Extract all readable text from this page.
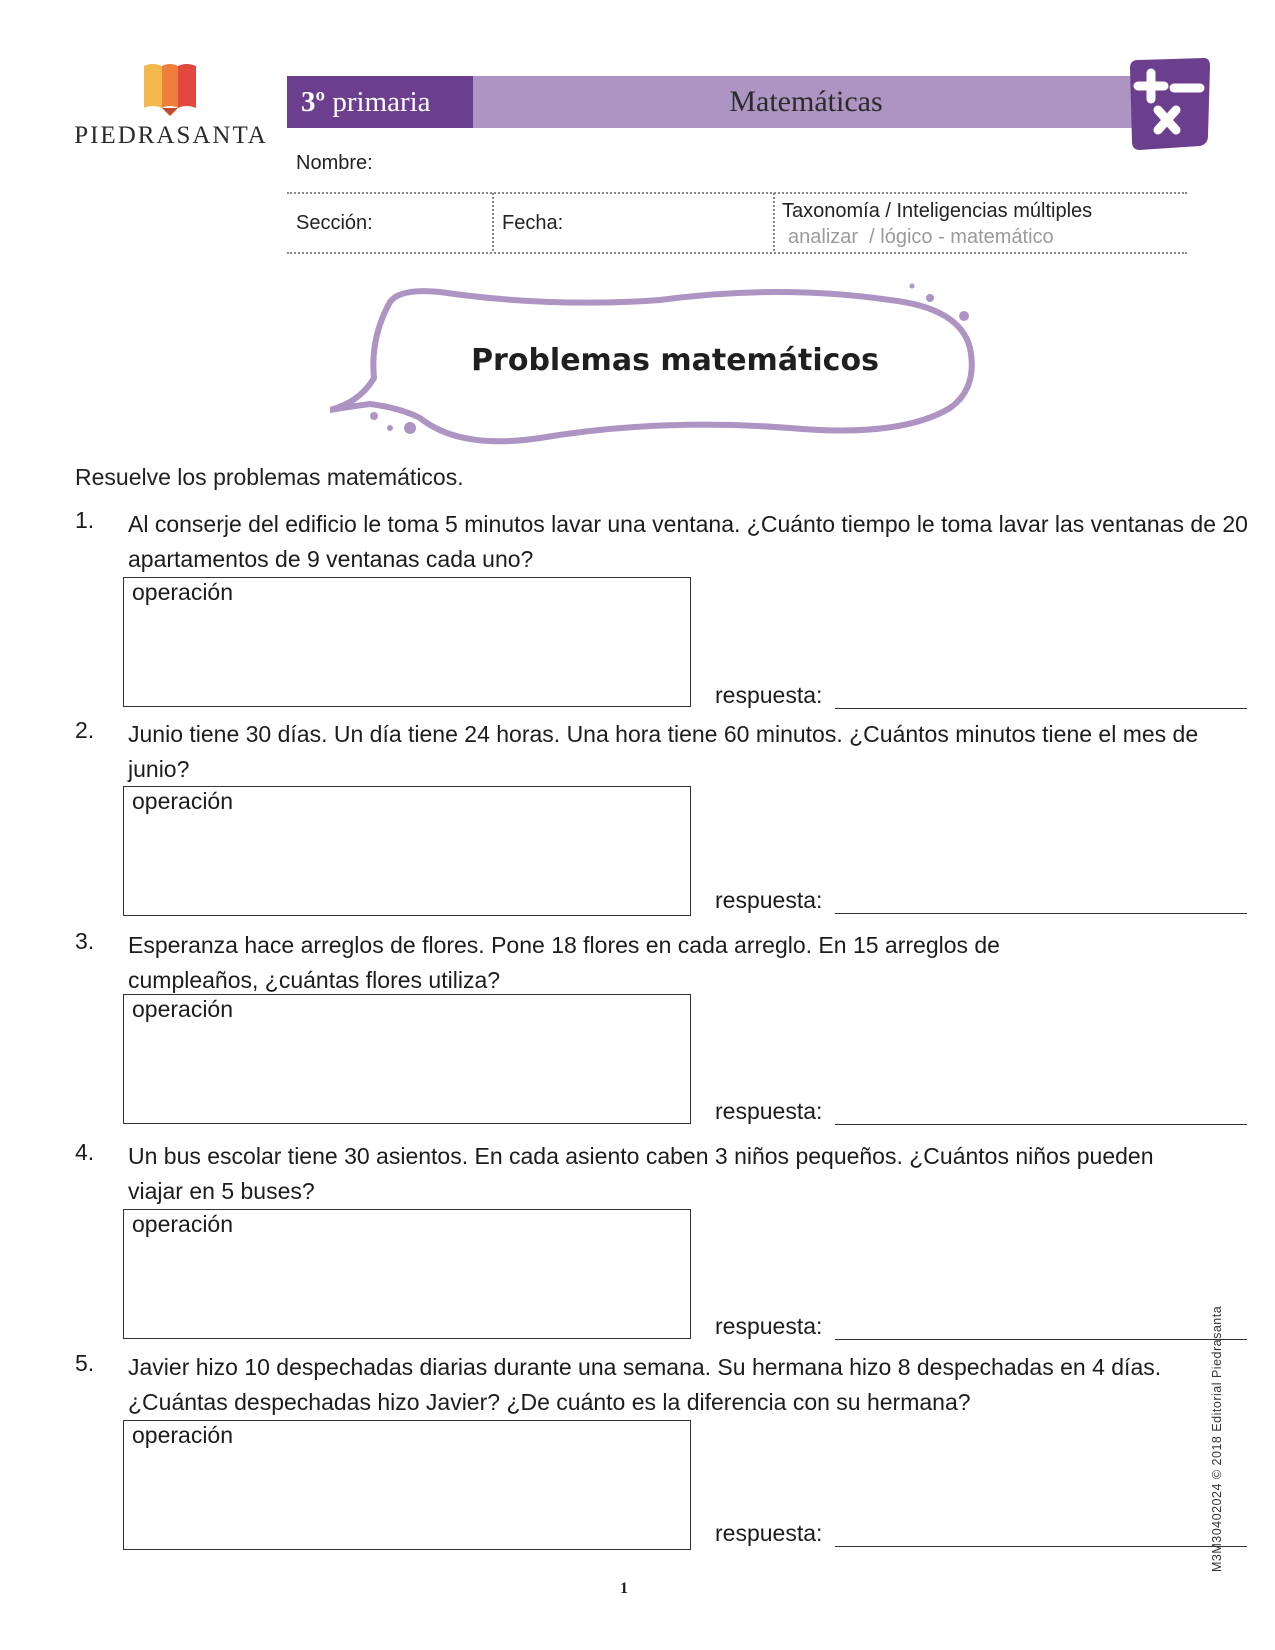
PIEDRASANTA
3º primaria	Matemáticas
Nombre:
Sección:	Fecha:
Taxonomía / Inteligencias múltiples
analizar  / lógico - matemático
Problemas matemáticos
Resuelve los problemas matemáticos.
1. Al conserje del edificio le toma 5 minutos lavar una ventana. ¿Cuánto tiempo le toma lavar las ventanas de 20 apartamentos de 9 ventanas cada uno?
operación
respuesta:
2. Junio tiene 30 días. Un día tiene 24 horas. Una hora tiene 60 minutos. ¿Cuántos minutos tiene el mes de junio?
operación
respuesta:
3. Esperanza hace arreglos de flores. Pone 18 flores en cada arreglo. En 15 arreglos de cumpleaños, ¿cuántas flores utiliza?
operación
respuesta:
4. Un bus escolar tiene 30 asientos. En cada asiento caben 3 niños pequeños. ¿Cuántos niños pueden viajar en 5 buses?
operación
respuesta:
5. Javier hizo 10 despechadas diarias durante una semana. Su hermana hizo 8 despechadas en 4 días. ¿Cuántas despechadas hizo Javier? ¿De cuánto es la diferencia con su hermana?
operación
respuesta:
1
M3M3040202​4 © 2018 Editorial Piedrasanta
